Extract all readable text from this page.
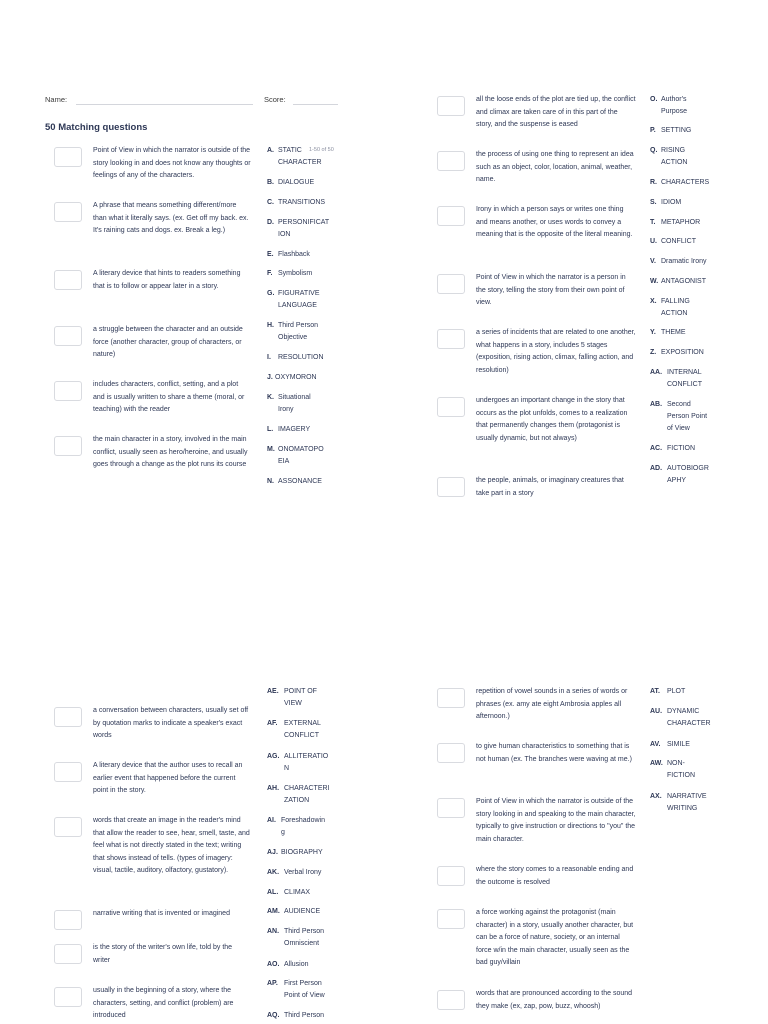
Name:	Score:
50 Matching questions
1-50 of 50
Point of View in which the narrator is outside of the story looking in and does not know any thoughts or feelings of any of the characters.
A phrase that means something different/more than what it literally says. (ex. Get off my back. ex. It's raining cats and dogs. ex. Break a leg.)
A literary device that hints to readers something that is to follow or appear later in a story.
a struggle between the character and an outside force (another character, group of characters, or nature)
includes characters, conflict, setting, and a plot and is usually written to share a theme (moral, or teaching) with the reader
the main character in a story, involved in the main conflict, usually seen as hero/heroine, and usually goes through a change as the plot runs its course
A. STATIC
CHARACTER
B. DIALOGUE
C. TRANSITIONS
D. PERSONIFICAT
ION
E. Flashback
F. Symbolism
G. FIGURATIVE
LANGUAGE
H. Third Person
Objective
I.	RESOLUTION
J. OXYMORON
K. Situational
Irony
L. IMAGERY
M. ONOMATOPO
EIA
N. ASSONANCE
all the loose ends of the plot are tied up, the conflict and climax are taken care of in this part of the story, and the suspense is eased
the process of using one thing to represent an idea such as an object, color, location, animal, weather, name.
Irony in which a person says or writes one thing and means another, or uses words to convey a meaning that is the opposite of the literal meaning.
Point of View in which the narrator is a person in the story, telling the story from their own point of view.
a series of incidents that are related to one another, what happens in a story, includes 5 stages (exposition, rising action, climax, falling action, and resolution)
undergoes an important change in the story that occurs as the plot unfolds, comes to a realization that permanently changes them (protagonist is usually dynamic, but not always)
the people, animals, or imaginary creatures that take part in a story
O. Author's
Purpose
P. SETTING
Q. RISING
ACTION
R. CHARACTERS
S. IDIOM
T. METAPHOR
U. CONFLICT
V. Dramatic Irony
W. ANTAGONIST
X. FALLING
ACTION
Y. THEME
Z. EXPOSITION
AA. INTERNAL
CONFLICT
AB. Second
Person Point
of View
AC. FICTION
AD. AUTOBIOGR
APHY
a conversation between characters, usually set off by quotation marks to indicate a speaker's exact words
A literary device that the author uses to recall an earlier event that happened before the current point in the story.
words that create an image in the reader's mind that allow the reader to see, hear, smell, taste, and feel what is not directly stated in the text; writing that shows instead of tells. (types of imagery: visual, tactile, auditory, olfactory, gustatory).
narrative writing that is invented or imagined
is the story of the writer's own life, told by the writer
usually in the beginning of a story, where the characters, setting, and conflict (problem) are introduced
AE. POINT OF
VIEW
AF. EXTERNAL
CONFLICT
AG. ALLITERATIO
N
AH. CHARACTERI
ZATION
AI. Foreshadowin
g
AJ. BIOGRAPHY
AK. Verbal Irony
AL. CLIMAX
AM. AUDIENCE
AN. Third Person
Omniscient
AO. Allusion
AP. First Person
Point of View
AQ. Third Person
repetition of vowel sounds in a series of words or phrases (ex. amy ate eight Ambrosia apples all afternoon.)
to give human characteristics to something that is not human (ex. The branches were waving at me.)
Point of View in which the narrator is outside of the story looking in and speaking to the main character, typically to give instruction or directions to "you" the main character.
where the story comes to a reasonable ending and the outcome is resolved
a force working against the protagonist (main character) in a story, usually another character, but can be a force of nature, society, or an internal force w/in the main character, usually seen as the bad guy/villain
words that are pronounced according to the sound they make (ex, zap, pow, buzz, whoosh)
AT.	PLOT
AU. DYNAMIC
CHARACTER
AV. SIMILE
AW. NON-
FICTION
AX. NARRATIVE
WRITING
